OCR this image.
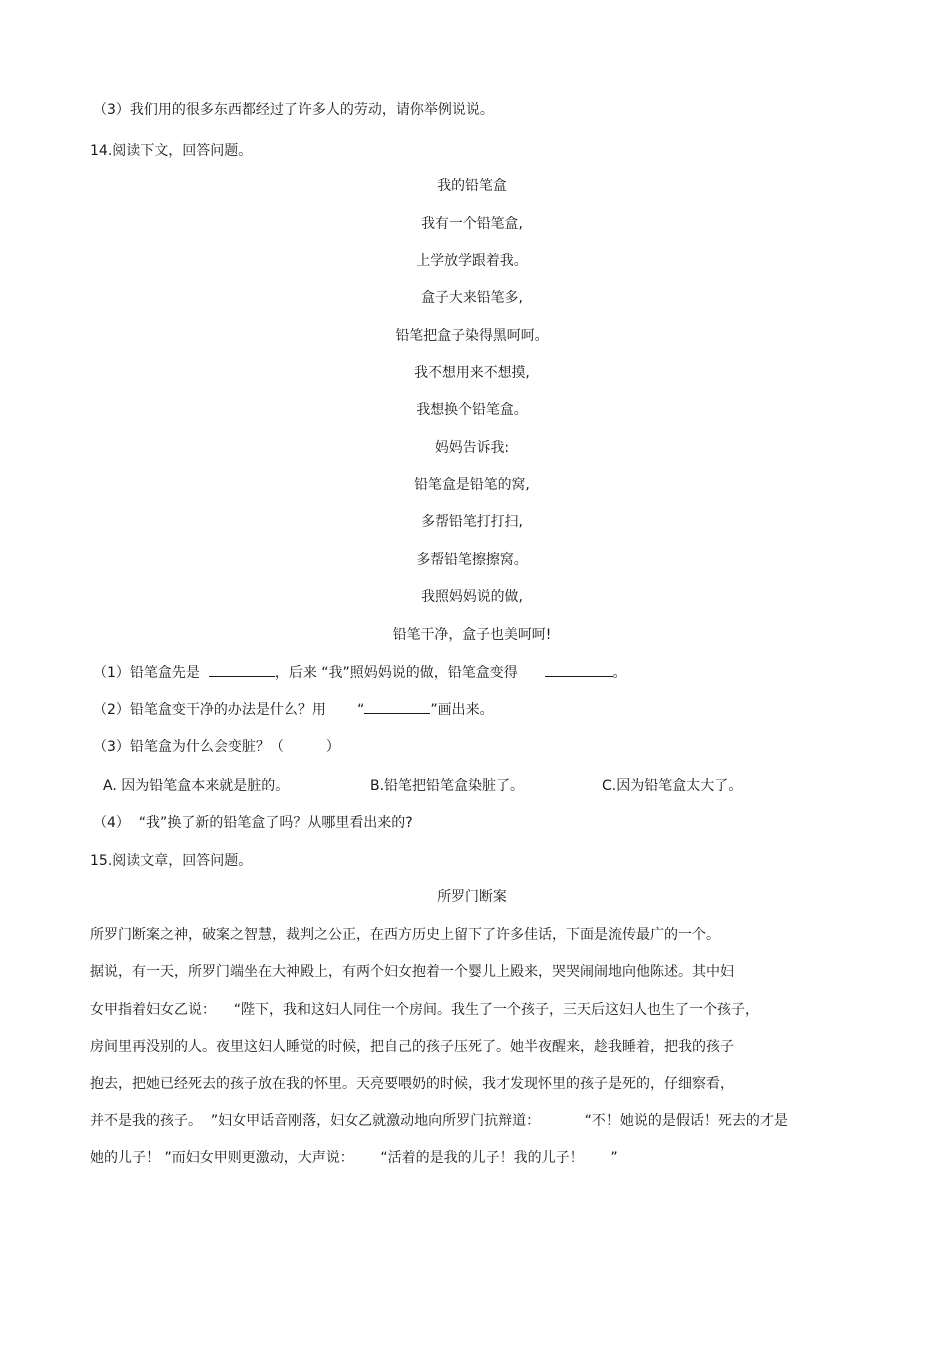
（3）我们用的很多东西都经过了许多人的劳动，请你举例说说。
14.阅读下文，回答问题。
我的铅笔盒
我有一个铅笔盒,
上学放学跟着我。
盒子大来铅笔多,
铅笔把盒子染得黑呵呵。
我不想用来不想摸,
我想换个铅笔盒。
妈妈告诉我:
铅笔盒是铅笔的窝,
多帮铅笔打打扫,
多帮铅笔擦擦窝。
我照妈妈说的做,
铅笔干净，盒子也美呵呵!
（1）铅笔盒先是	，后来 “我”照妈妈说的做，铅笔盒变得	。
（2）铅笔盒变干净的办法是什么？用 “	”画出来。
（3）铅笔盒为什么会变脏？（　　　）
A. 因为铅笔盒本来就是脏的。	B.铅笔把铅笔盒染脏了。	C.因为铅笔盒太大了。
（4）  “我”换了新的铅笔盒了吗？从哪里看出来的?
15.阅读文章，回答问题。
所罗门断案
所罗门断案之神，破案之智慧，裁判之公正，在西方历史上留下了许多佳话，下面是流传最广的一个。
据说，有一天，所罗门端坐在大神殿上，有两个妇女抱着一个婴儿上殿来，哭哭闹闹地向他陈述。其中妇
女甲指着妇女乙说：    “陛下，我和这妇人同住一个房间。我生了一个孩子，三天后这妇人也生了一个孩子，
房间里再没别的人。夜里这妇人睡觉的时候，把自己的孩子压死了。她半夜醒来，趁我睡着，把我的孩子
抱去，把她已经死去的孩子放在我的怀里。天亮要喂奶的时候，我才发现怀里的孩子是死的，仔细察看，
并不是我的孩子。  ”妇女甲话音刚落，妇女乙就激动地向所罗门抗辩道：          “不！她说的是假话！死去的才是
她的儿子！ ”而妇女甲则更激动，大声说：      “活着的是我的儿子！我的儿子！      ”
